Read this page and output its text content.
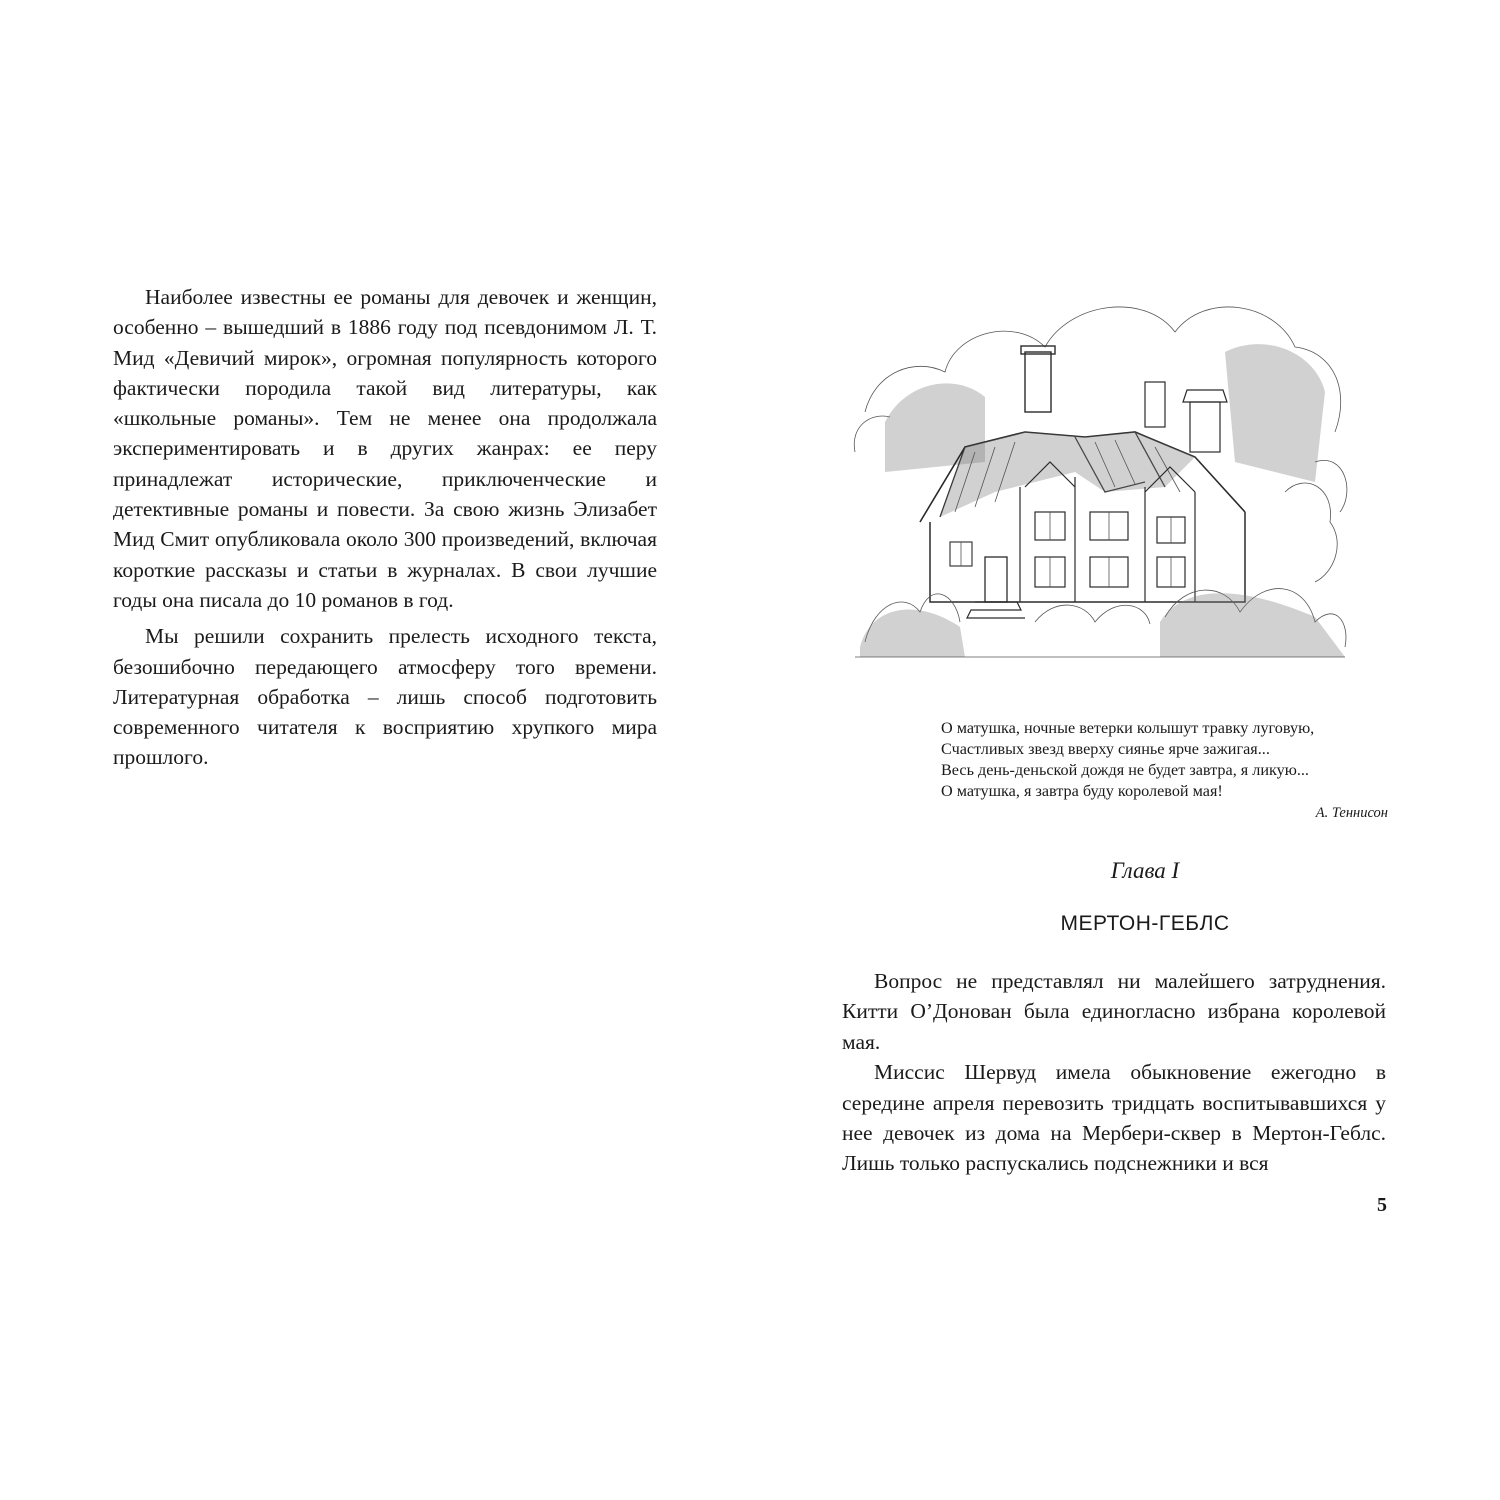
Наиболее известны ее романы для девочек и женщин, особенно – вышедший в 1886 году под псевдонимом Л. Т. Мид «Девичий мирок», огромная популярность которого фактически породила такой вид литературы, как «школьные романы». Тем не менее она продолжала экспериментировать и в других жанрах: ее перу принадлежат исторические, приключенческие и детективные романы и повести. За свою жизнь Элизабет Мид Смит опубликовала около 300 произведений, включая короткие рассказы и статьи в журналах. В свои лучшие годы она писала до 10 романов в год.

Мы решили сохранить прелесть исходного текста, безошибочно передающего атмосферу того времени. Литературная обработка – лишь способ подготовить современного читателя к восприятию хрупкого мира прошлого.

О матушка, ночные ветерки колышут травку луговую,
Счастливых звезд вверху сиянье ярче зажигая...
Весь день-деньской дождя не будет завтра, я ликую...
О матушка, я завтра буду королевой мая!
А. Теннисон
Глава I
МЕРТОН-ГЕБЛС

Вопрос не представлял ни малейшего затруднения. Китти О’Донован была единогласно избрана королевой мая.

Миссис Шервуд имела обыкновение ежегодно в середине апреля перевозить тридцать воспитывавшихся у нее девочек из дома на Мербери-сквер в Мертон-Геблс. Лишь только распускались подснежники и вся

5
